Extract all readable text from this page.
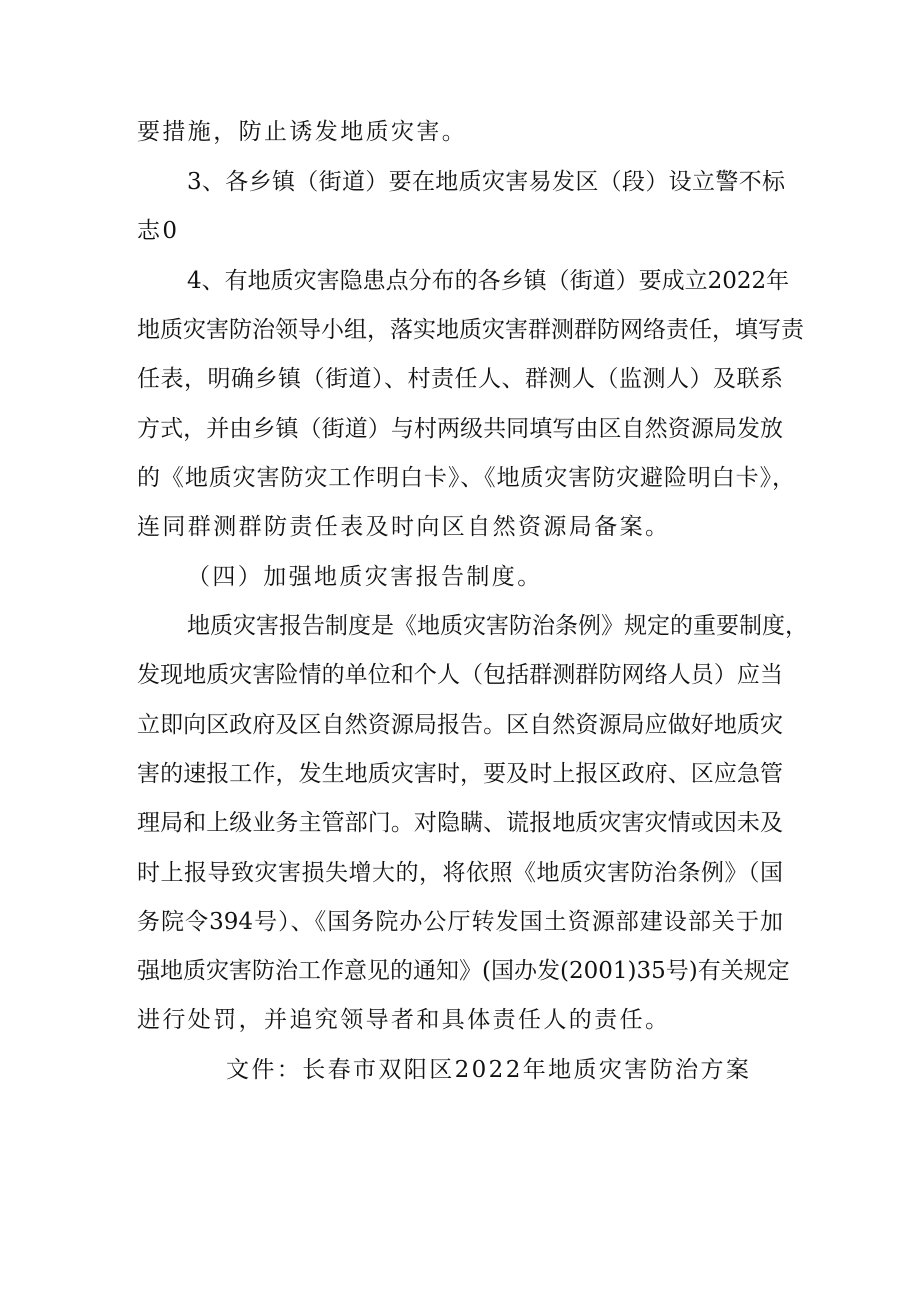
要措施，防止诱发地质灾害。
3、各乡镇（街道）要在地质灾害易发区（段）设立警不标
志0
4、有地质灾害隐患点分布的各乡镇（街道）要成立2022年
地质灾害防治领导小组，落实地质灾害群测群防网络责任，填写责
任表，明确乡镇（街道）、村责任人、群测人（监测人）及联系
方式，并由乡镇（街道）与村两级共同填写由区自然资源局发放
的《地质灾害防灾工作明白卡》、《地质灾害防灾避险明白卡》，
连同群测群防责任表及时向区自然资源局备案。
（四）加强地质灾害报告制度。
地质灾害报告制度是《地质灾害防治条例》规定的重要制度，
发现地质灾害险情的单位和个人（包括群测群防网络人员）应当
立即向区政府及区自然资源局报告。区自然资源局应做好地质灾
害的速报工作，发生地质灾害时，要及时上报区政府、区应急管
理局和上级业务主管部门。对隐瞒、谎报地质灾害灾情或因未及
时上报导致灾害损失增大的，将依照《地质灾害防治条例》（国
务院令394号）、《国务院办公厅转发国土资源部建设部关于加
强地质灾害防治工作意见的通知》(国办发(2001)35号)有关规定
进行处罚，并追究领导者和具体责任人的责任。
文件：长春市双阳区2022年地质灾害防治方案
